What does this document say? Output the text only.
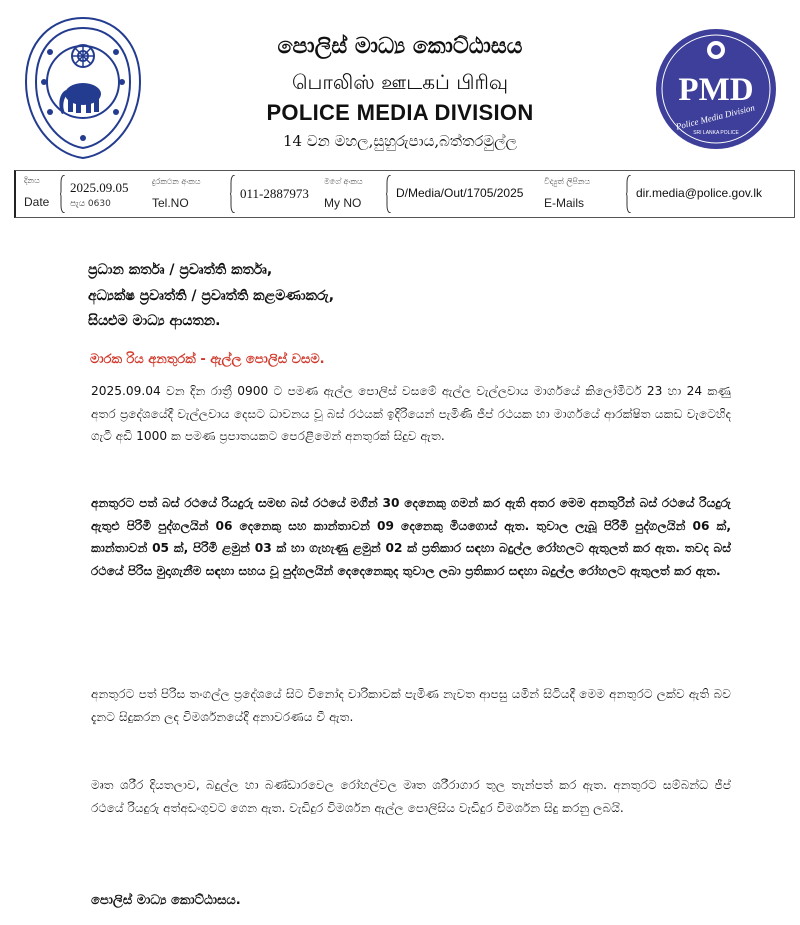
පොලිස් මාධ්‍ය කොට්ඨාසය
பொலிஸ் ஊடகப் பிரிவு
POLICE MEDIA DIVISION
14 වන මහල,සුහුරුපාය,බත්තරමුල්ල
PMD
Police Media Division
SRI LANKA POLICE
දිනය
Date
2025.09.05
පැය 0630
දුරකථන අංකය
Tel.NO
011-2887973
මගේ අංකය
My NO
D/Media/Out/1705/2025
විද්‍යුත් ලිපිනය
E-Mails
dir.media@police.gov.lk
ප්‍රධාන කර්තෘ / ප්‍රවෘත්ති කර්තෘ,
අධ්‍යක්ෂ ප්‍රවෘත්ති / ප්‍රවෘත්ති කළමණාකරු,
සියළුම මාධ්‍ය ආයතන.
මාරක රිය අනතුරක් - ඇල්ල පොලිස් වසම.
2025.09.04 වන දින රාත්‍රී 0900 ට පමණ ඇල්ල පොලිස් වසමේ ඇල්ල වැල්ලවාය මාර්ගයේ කිලෝමීටර් 23 හා 24 කණු අතර ප්‍රදේශයේදී වැල්ලවාය දෙසට ධාවනය වූ බස් රථයක් ඉදිරියෙන් පැමිණි ජීප් රථයක හා මාර්ගයේ ආරක්ෂිත යකඩ වැටෙහිද ගැටී අඩි 1000 ක පමණ ප්‍රපාතයකට පෙරළීමෙන් අනතුරක් සිදුව ඇත.
අනතුරට පත් බස් රථයේ රියදුරු සමඟ බස් රථයේ මගීන් 30 දෙනෙකු ගමන් කර ඇති අතර මෙම අනතුරින් බස් රථයේ රියදුරු ඇතුළු පිරිමි පුද්ගලයින් 06 දෙනෙකු සහ කාන්තාවන් 09 දෙනෙකු මියගොස් ඇත. තුවාල ලැබූ පිරිමි පුද්ගලයින් 06 ක්, කාන්තාවන් 05 ක්, පිරිමි ළමුන් 03 ක් හා ගැහැණු ළමුන් 02 ක් ප්‍රතිකාර සඳහා බදුල්ල රෝහලට ඇතුලත් කර ඇත. තවද බස් රථයේ පිරිස මුදාගැනීම සඳහා සහය වූ පුද්ගලයින් දෙදෙනෙකුද තුවාල ලබා ප්‍රතිකාර සඳහා බදුල්ල රෝහලට ඇතුලත් කර ඇත.
අනතුරට පත් පිරිස තංගල්ල ප්‍රදේශයේ සිට විනෝද චාරිකාවක් පැමිණ නැවත ආපසු යමින් සිටියදී මෙම අනතුරට ලක්ව ඇති බව දැනට සිදුකරන ලද විමර්ශනයේදී අනාවරණය වී ඇත.
මෘත ශරීර දියතලාව, බදුල්ල හා බණ්ඩාරවෙල රෝහල්වල මෘත ශරීරාගාර තුල තැන්පත් කර ඇත. අනතුරට සම්බන්ධ ජීප් රථයේ රියදුරු අත්අඩංගුවට ගෙන ඇත. වැඩිදුර විමර්ශන ඇල්ල පොලිසිය වැඩිදුර විමර්ශන සිදු කරනු ලබයි.
පොලිස් මාධ්‍ය කොට්ඨාසය.
